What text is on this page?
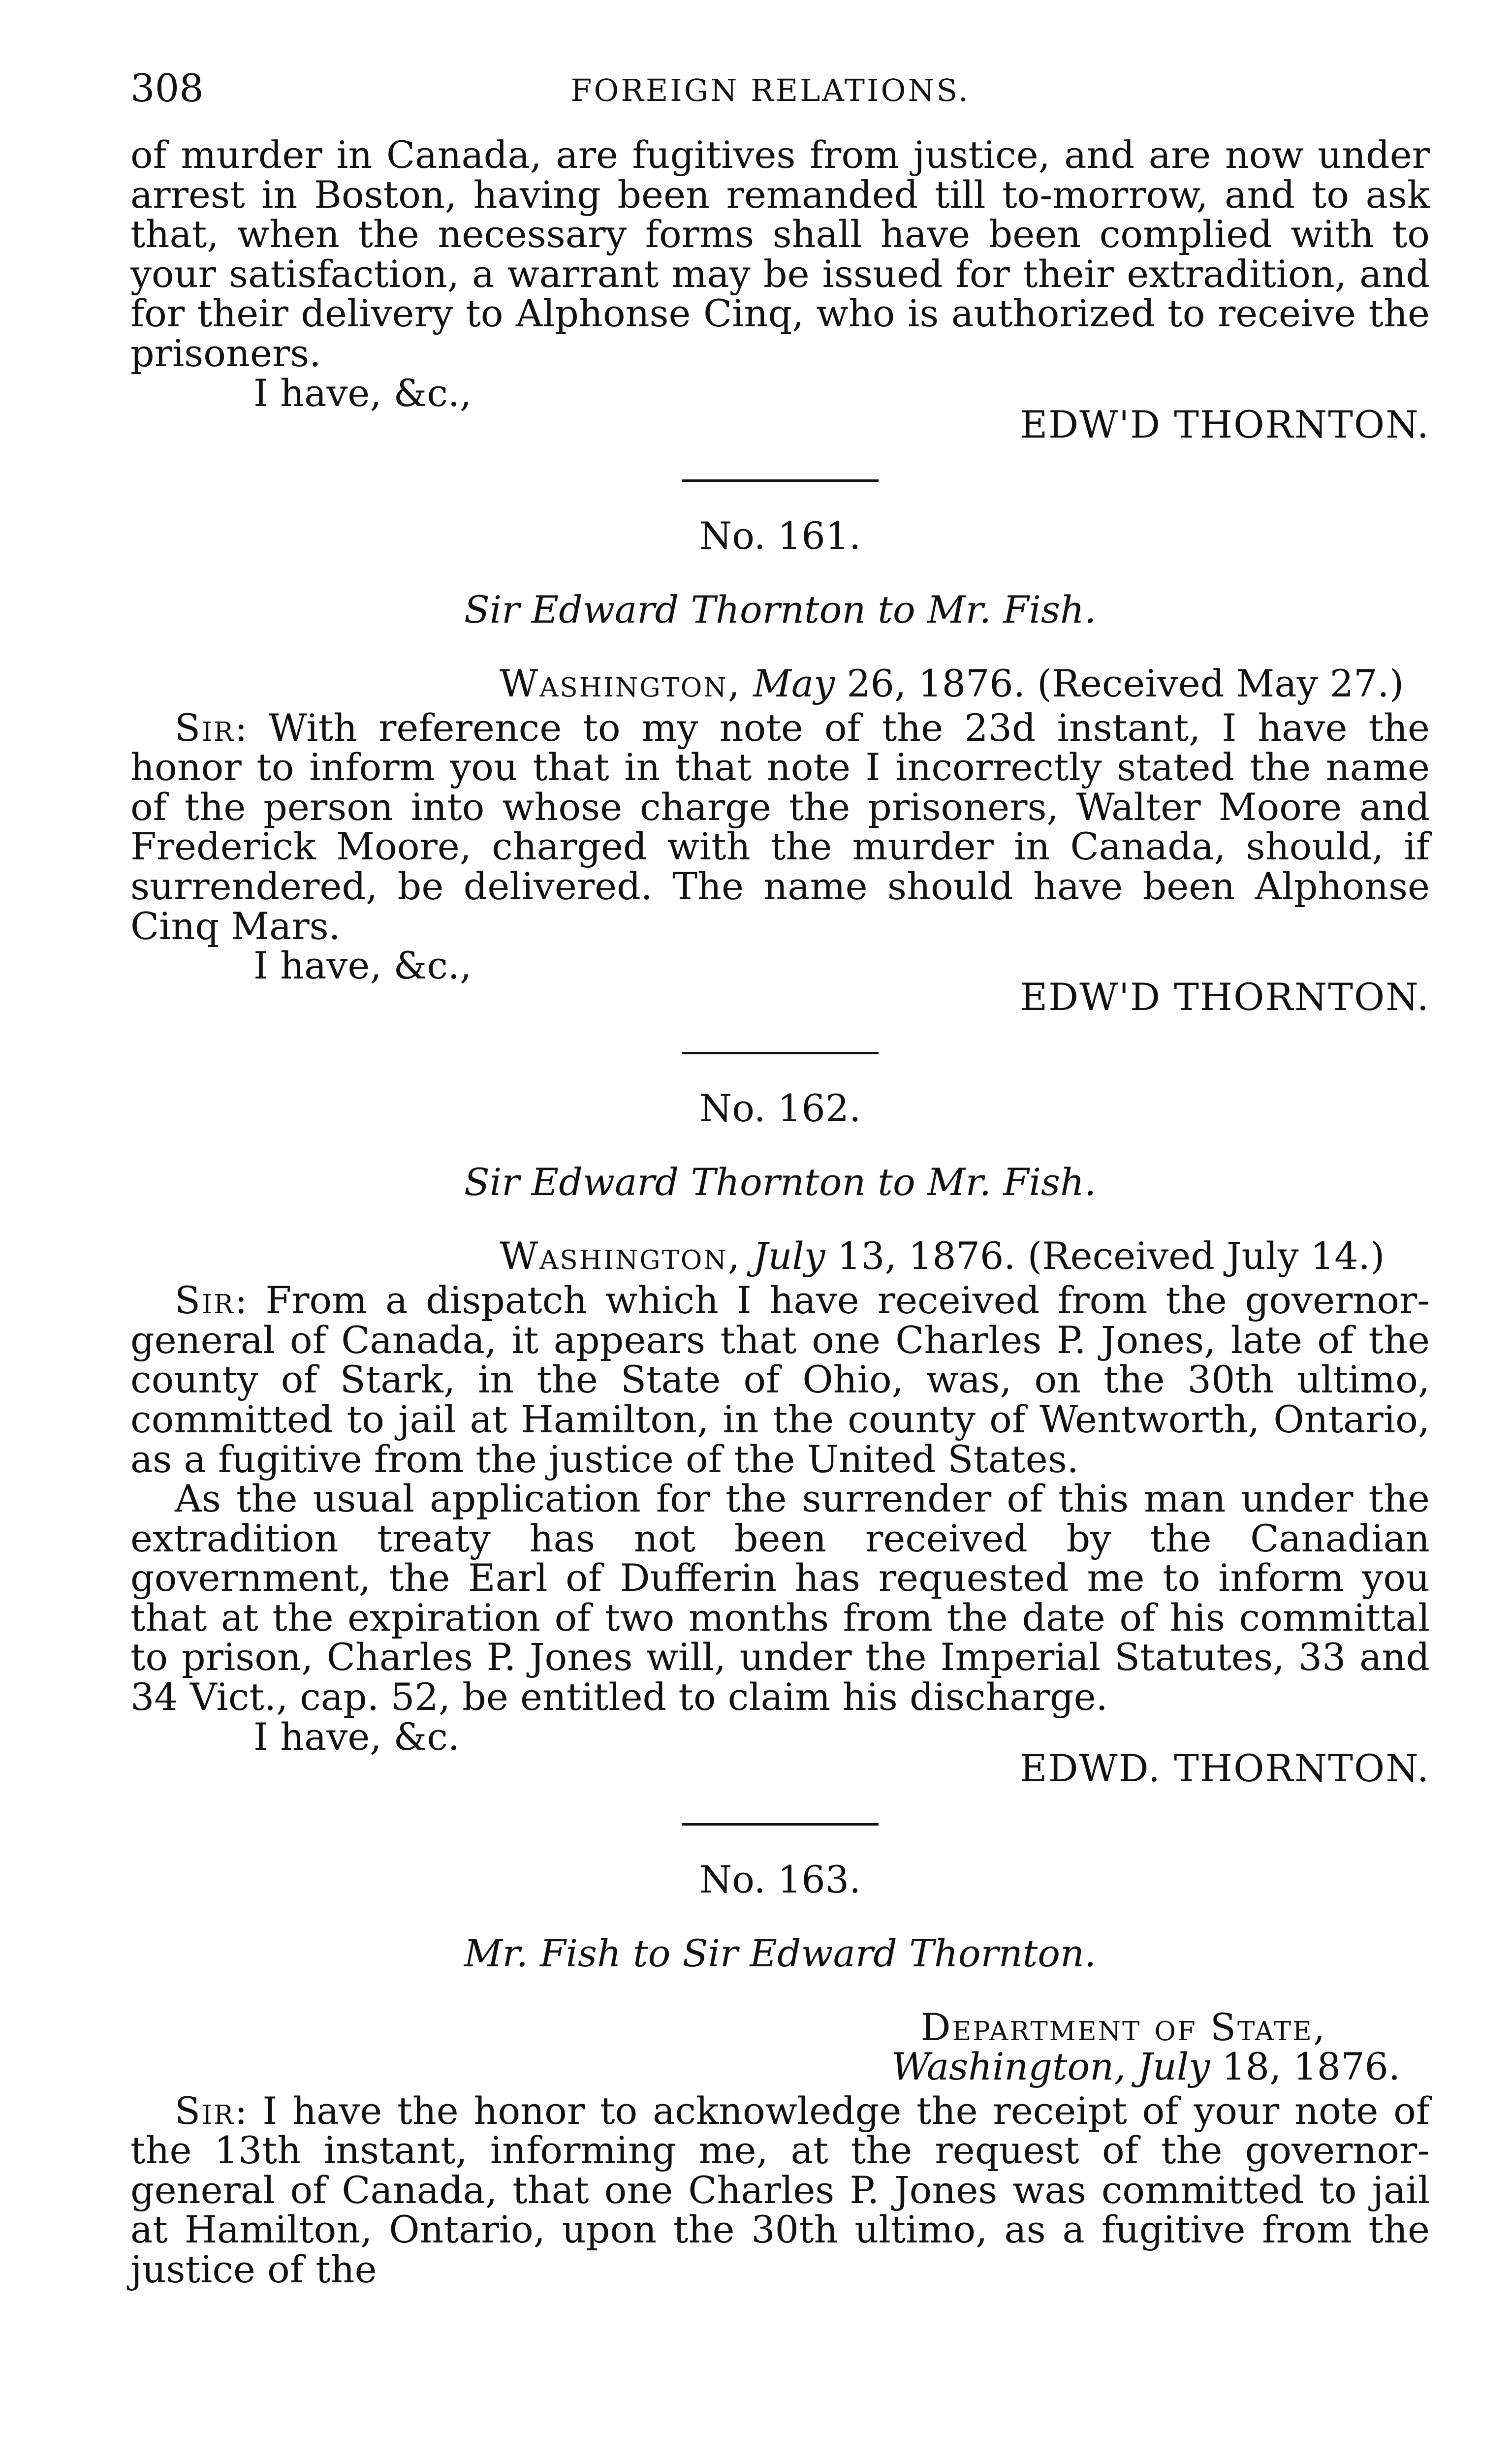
308	FOREIGN RELATIONS.

of murder in Canada, are fugitives from justice, and are now under arrest in Boston, having been remanded till to-morrow, and to ask that, when the necessary forms shall have been complied with to your satisfaction, a warrant may be issued for their extradition, and for their delivery to Alphonse Cinq, who is authorized to receive the prisoners.

I have, &c.,
EDW'D THORNTON.
No. 161.
Sir Edward Thornton to Mr. Fish.
Washington, May 26, 1876. (Received May 27.)

Sir: With reference to my note of the 23d instant, I have the honor to inform you that in that note I incorrectly stated the name of the person into whose charge the prisoners, Walter Moore and Frederick Moore, charged with the murder in Canada, should, if surrendered, be delivered. The name should have been Alphonse Cinq Mars.

I have, &c.,
EDW'D THORNTON.
No. 162.
Sir Edward Thornton to Mr. Fish.
Washington, July 13, 1876. (Received July 14.)

Sir: From a dispatch which I have received from the governor-general of Canada, it appears that one Charles P. Jones, late of the county of Stark, in the State of Ohio, was, on the 30th ultimo, committed to jail at Hamilton, in the county of Wentworth, Ontario, as a fugitive from the justice of the United States.

As the usual application for the surrender of this man under the extradition treaty has not been received by the Canadian government, the Earl of Dufferin has requested me to inform you that at the expiration of two months from the date of his committal to prison, Charles P. Jones will, under the Imperial Statutes, 33 and 34 Vict., cap. 52, be entitled to claim his discharge.

I have, &c.
EDWD. THORNTON.
No. 163.
Mr. Fish to Sir Edward Thornton.
Department of State,
Washington, July 18, 1876.

Sir: I have the honor to acknowledge the receipt of your note of the 13th instant, informing me, at the request of the governor-general of Canada, that one Charles P. Jones was committed to jail at Hamilton, Ontario, upon the 30th ultimo, as a fugitive from the justice of the
